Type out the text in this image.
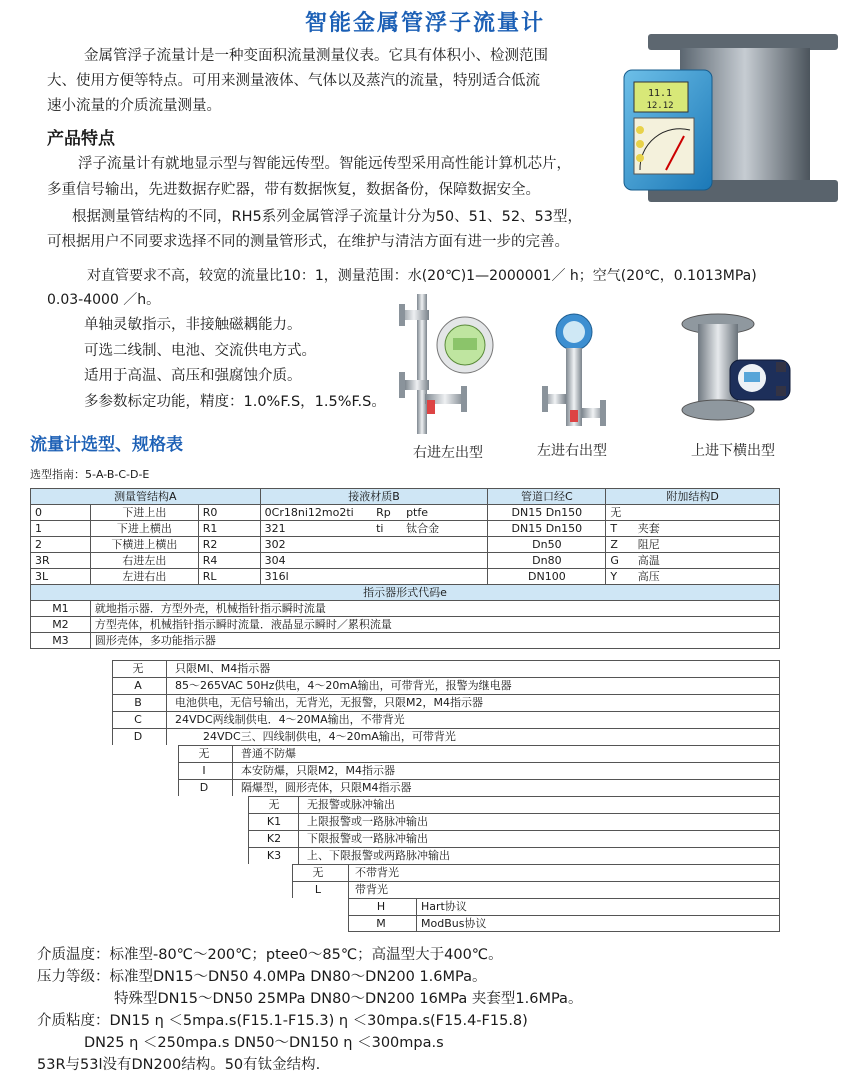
智能金属管浮子流量计
金属管浮子流量计是一种变面积流量测量仪表。它具有体积小、检测范围
大、使用方便等特点。可用来测量液体、气体以及蒸汽的流量，特别适合低流
速小流量的介质流量测量。
产品特点
浮子流量计有就地显示型与智能远传型。智能远传型采用高性能计算机芯片，
多重信号输出，先进数据存贮器，带有数据恢复，数据备份，保障数据安全。
根据测量管结构的不同，RH5系列金属管浮子流量计分为50、51、52、53型，
可根据用户不同要求选择不同的测量管形式，在维护与清洁方面有进一步的完善。
对直管要求不高，较宽的流量比10：1，测量范围：水(20℃)1—2000001／ h；空气(20℃，0.1013MPa)
0.03-4000 ／h。
单轴灵敏指示，非接触磁耦能力。
可选二线制、电池、交流供电方式。
适用于高温、高压和强腐蚀介质。
多参数标定功能，精度：1.0%F.S，1.5%F.S。
11.1
12.12
右进左出型	左进右出型	上进下横出型
流量计选型、规格表
选型指南：5-A-B-C-D-E
测量管结构A			接液材质B			管道口经C	附加结构D	
0	下进上出	R0	0Cr18ni12mo2ti	Rp	ptfe	DN15 Dn150	无	
1	下进上横出	R1	321	ti	钛合金	DN15 Dn150	T	夹套
2	下横进上横出	R2	302			Dn50	Z	阻尼
3R	右进左出	R4	304			Dn80	G	高温
3L	左进右出	RL	316l			DN100	Y	高压
指示器形式代码e								
M1	就地指示器．方型外壳，机械指针指示瞬时流量							
M2	方型壳体，机械指针指示瞬时流量．液晶显示瞬时／累积流量							
M3	圆形壳体，多功能指示器							
无	只限MI、M4指示器
A	85～265VAC 50Hz供电，4～20mA输出，可带背光，报警为继电器
B	电池供电，无信号输出，无背光，无报警，只限M2，M4指示器
C	24VDC两线制供电．4～20MA输出，不带背光
D	24VDC三、四线制供电，4～20mA输出，可带背光
无	普通不防爆
I	本安防爆，只限M2，M4指示器
D	隔爆型，圆形壳体，只限M4指示器
无	无报警或脉冲输出
K1	上限报警或一路脉冲输出
K2	下限报警或一路脉冲输出
K3	上、下限报警或两路脉冲输出
无	不带背光
L	带背光
H	Hart协议
M	ModBus协议
介质温度：标准型-80℃～200℃；ptee0～85℃；高温型大于400℃。
压力等级：标准型DN15～DN50 4.0MPa DN80～DN200 1.6MPa。
特殊型DN15～DN50 25MPa DN80～DN200 16MPa 夹套型1.6MPa。
介质粘度：DN15 η ＜5mpa.s(F15.1-F15.3) η ＜30mpa.s(F15.4-F15.8)
DN25 η ＜250mpa.s DN50～DN150 η ＜300mpa.s
53R与53l没有DN200结构。50有钛金结构.
